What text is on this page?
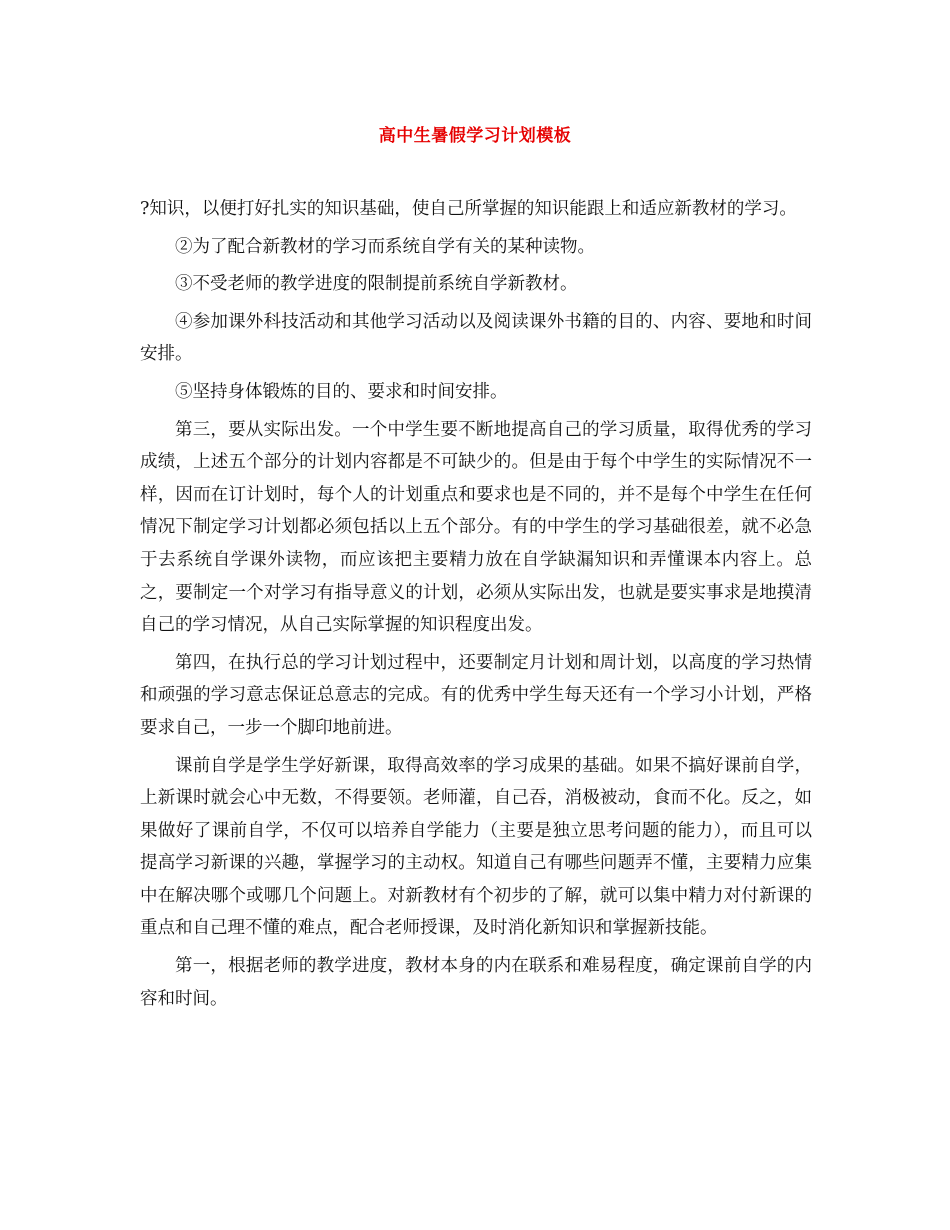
高中生暑假学习计划模板

?知识，以便打好扎实的知识基础，使自己所掌握的知识能跟上和适应新教材的学习。

②为了配合新教材的学习而系统自学有关的某种读物。

③不受老师的教学进度的限制提前系统自学新教材。

④参加课外科技活动和其他学习活动以及阅读课外书籍的目的、内容、要地和时间安排。

⑤坚持身体锻炼的目的、要求和时间安排。

第三，要从实际出发。一个中学生要不断地提高自己的学习质量，取得优秀的学习成绩，上述五个部分的计划内容都是不可缺少的。但是由于每个中学生的实际情况不一样，因而在订计划时，每个人的计划重点和要求也是不同的，并不是每个中学生在任何情况下制定学习计划都必须包括以上五个部分。有的中学生的学习基础很差，就不必急于去系统自学课外读物，而应该把主要精力放在自学缺漏知识和弄懂课本内容上。总之，要制定一个对学习有指导意义的计划，必须从实际出发，也就是要实事求是地摸清自己的学习情况，从自己实际掌握的知识程度出发。

第四，在执行总的学习计划过程中，还要制定月计划和周计划，以高度的学习热情和顽强的学习意志保证总意志的完成。有的优秀中学生每天还有一个学习小计划，严格要求自己，一步一个脚印地前进。

课前自学是学生学好新课，取得高效率的学习成果的基础。如果不搞好课前自学，上新课时就会心中无数，不得要领。老师灌，自己吞，消极被动，食而不化。反之，如果做好了课前自学，不仅可以培养自学能力（主要是独立思考问题的能力），而且可以提高学习新课的兴趣，掌握学习的主动权。知道自己有哪些问题弄不懂，主要精力应集中在解决哪个或哪几个问题上。对新教材有个初步的了解，就可以集中精力对付新课的重点和自己理不懂的难点，配合老师授课，及时消化新知识和掌握新技能。

第一，根据老师的教学进度，教材本身的内在联系和难易程度，确定课前自学的内容和时间。
